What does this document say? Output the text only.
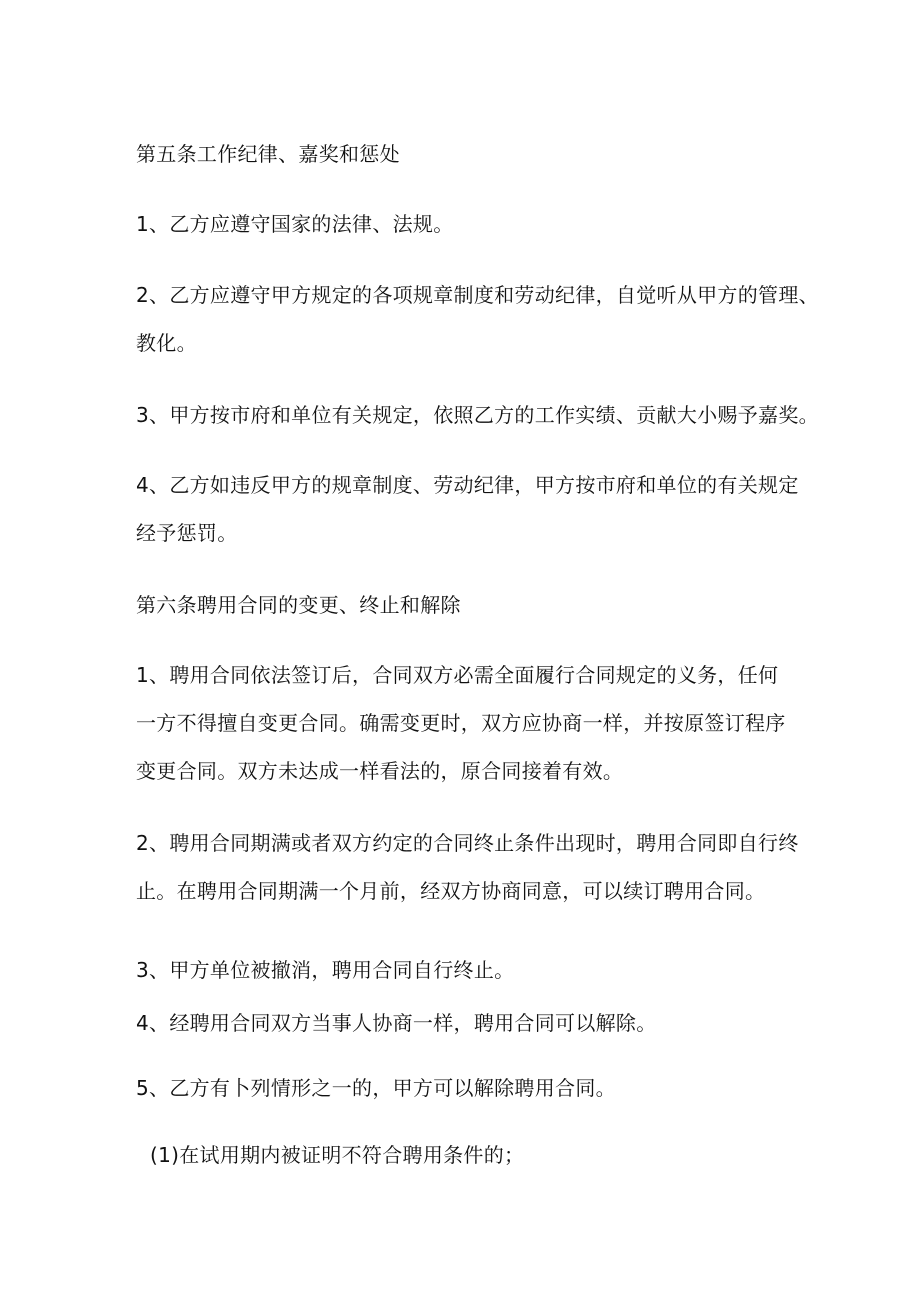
第五条工作纪律、嘉奖和惩处
1、乙方应遵守国家的法律、法规。
2、乙方应遵守甲方规定的各项规章制度和劳动纪律，自觉听从甲方的管理、
教化。
3、甲方按市府和单位有关规定，依照乙方的工作实绩、贡献大小赐予嘉奖。
4、乙方如违反甲方的规章制度、劳动纪律，甲方按市府和单位的有关规定
经予惩罚。
第六条聘用合同的变更、终止和解除
1、聘用合同依法签订后，合同双方必需全面履行合同规定的义务，任何
一方不得擅自变更合同。确需变更时，双方应协商一样，并按原签订程序
变更合同。双方未达成一样看法的，原合同接着有效。
2、聘用合同期满或者双方约定的合同终止条件出现时，聘用合同即自行终
止。在聘用合同期满一个月前，经双方协商同意，可以续订聘用合同。
3、甲方单位被撤消，聘用合同自行终止。
4、经聘用合同双方当事人协商一样，聘用合同可以解除。
5、乙方有卜列情形之一的，甲方可以解除聘用合同。
(1)在试用期内被证明不符合聘用条件的；
